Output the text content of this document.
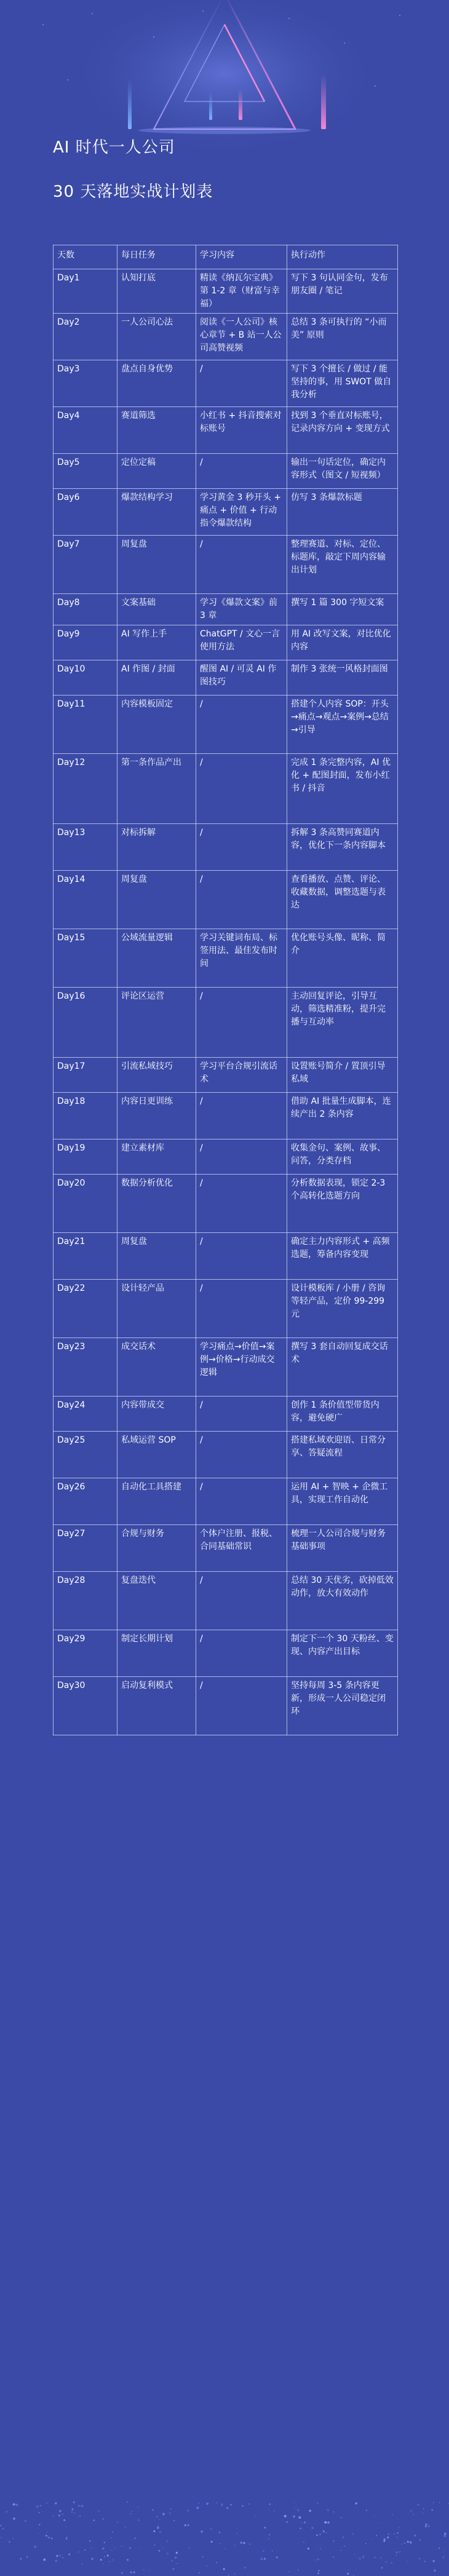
AI 时代一人公司
30 天落地实战计划表
天数	每日任务	学习内容	执行动作
Day1	认知打底	精读《纳瓦尔宝典》第 1-2 章（财富与幸福）	写下 3 句认同金句，发布朋友圈 / 笔记
Day2	一人公司心法	阅读《一人公司》核心章节 + B 站一人公司高赞视频	总结 3 条可执行的 “小而美” 原则
Day3	盘点自身优势	/	写下 3 个擅长 / 做过 / 能坚持的事，用 SWOT 做自我分析
Day4	赛道筛选	小红书 + 抖音搜索对标账号	找到 3 个垂直对标账号，记录内容方向 + 变现方式
Day5	定位定稿	/	输出一句话定位，确定内容形式（图文 / 短视频）
Day6	爆款结构学习	学习黄金 3 秒开头 + 痛点 + 价值 + 行动指令爆款结构	仿写 3 条爆款标题
Day7	周复盘	/	整理赛道、对标、定位、标题库，敲定下周内容输出计划
Day8	文案基础	学习《爆款文案》前 3 章	撰写 1 篇 300 字短文案
Day9	AI 写作上手	ChatGPT / 文心一言使用方法	用 AI 改写文案，对比优化内容
Day10	AI 作图 / 封面	醒图 AI / 可灵 AI 作图技巧	制作 3 张统一风格封面图
Day11	内容模板固定	/	搭建个人内容 SOP：开头→痛点→观点→案例→总结→引导
Day12	第一条作品产出	/	完成 1 条完整内容，AI 优化 + 配图封面，发布小红书 / 抖音
Day13	对标拆解	/	拆解 3 条高赞同赛道内容，优化下一条内容脚本
Day14	周复盘	/	查看播放、点赞、评论、收藏数据，调整选题与表达
Day15	公域流量逻辑	学习关键词布局、标签用法、最佳发布时间	优化账号头像、昵称、简介
Day16	评论区运营	/	主动回复评论，引导互动，筛选精准粉，提升完播与互动率
Day17	引流私域技巧	学习平台合规引流话术	设置账号简介 / 置顶引导私域
Day18	内容日更训练	/	借助 AI 批量生成脚本，连续产出 2 条内容
Day19	建立素材库	/	收集金句、案例、故事、问答，分类存档
Day20	数据分析优化	/	分析数据表现，锁定 2-3 个高转化选题方向
Day21	周复盘	/	确定主力内容形式 + 高频选题，筹备内容变现
Day22	设计轻产品	/	设计模板库 / 小册 / 咨询等轻产品，定价 99-299 元
Day23	成交话术	学习痛点→价值→案例→价格→行动成交逻辑	撰写 3 套自动回复成交话术
Day24	内容带成交	/	创作 1 条价值型带货内容，避免硬广
Day25	私域运营 SOP	/	搭建私域欢迎语、日常分享、答疑流程
Day26	自动化工具搭建	/	运用 AI + 智映 + 企微工具，实现工作自动化
Day27	合规与财务	个体户注册、报税、合同基础常识	梳理一人公司合规与财务基础事项
Day28	复盘迭代	/	总结 30 天优劣，砍掉低效动作，放大有效动作
Day29	制定长期计划	/	制定下一个 30 天粉丝、变现、内容产出目标
Day30	启动复利模式	/	坚持每周 3-5 条内容更新，形成一人公司稳定闭环
